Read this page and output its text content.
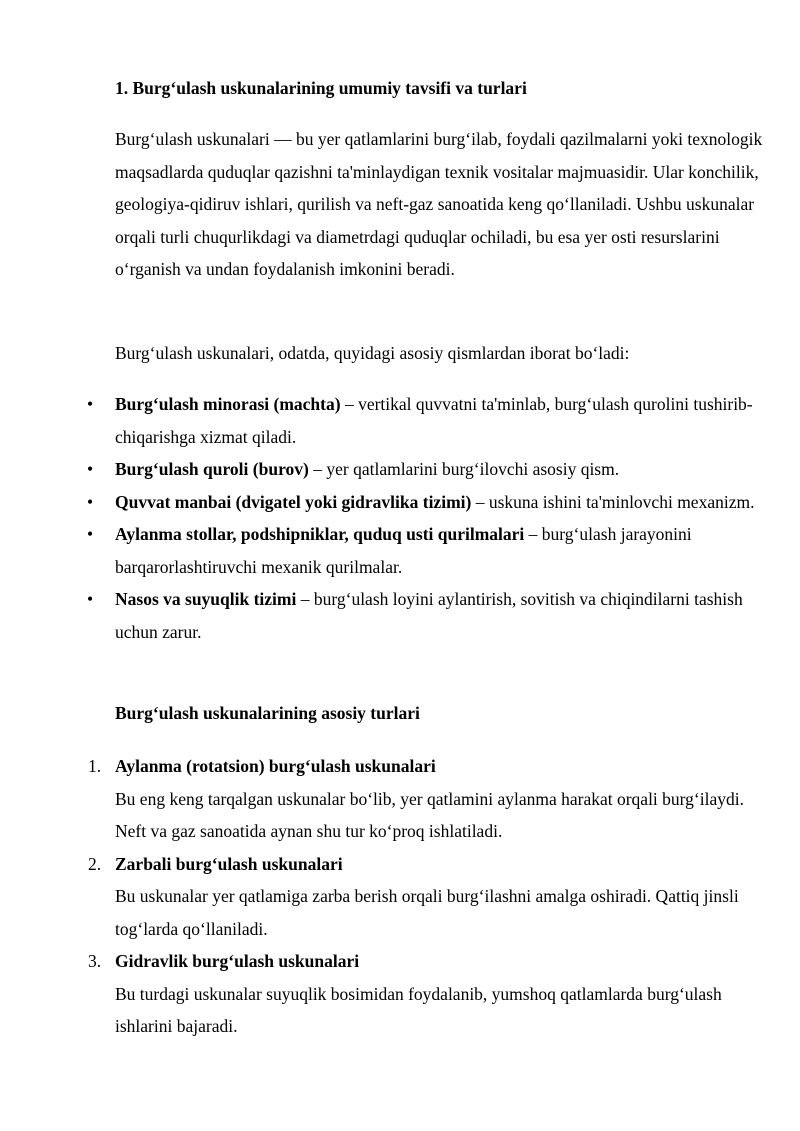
1. Burg‘ulash uskunalarining umumiy tavsifi va turlari

Burg‘ulash uskunalari — bu yer qatlamlarini burg‘ilab, foydali qazilmalarni yoki texnologik maqsadlarda quduqlar qazishni ta'minlaydigan texnik vositalar majmuasidir. Ular konchilik, geologiya-qidiruv ishlari, qurilish va neft-gaz sanoatida keng qo‘llaniladi. Ushbu uskunalar orqali turli chuqurlikdagi va diametrdagi quduqlar ochiladi, bu esa yer osti resurslarini o‘rganish va undan foydalanish imkonini beradi.

Burg‘ulash uskunalari, odatda, quyidagi asosiy qismlardan iborat bo‘ladi:

• Burg‘ulash minorasi (machta) – vertikal quvvatni ta'minlab, burg‘ulash qurolini tushirib-chiqarishga xizmat qiladi.
• Burg‘ulash quroli (burov) – yer qatlamlarini burg‘ilovchi asosiy qism.
• Quvvat manbai (dvigatel yoki gidravlika tizimi) – uskuna ishini ta'minlovchi mexanizm.
• Aylanma stollar, podshipniklar, quduq usti qurilmalari – burg‘ulash jarayonini barqarorlashtiruvchi mexanik qurilmalar.
• Nasos va suyuqlik tizimi – burg‘ulash loyini aylantirish, sovitish va chiqindilarni tashish uchun zarur.
Burg‘ulash uskunalarining asosiy turlari
1. Aylanma (rotatsion) burg‘ulash uskunalari
Bu eng keng tarqalgan uskunalar bo‘lib, yer qatlamini aylanma harakat orqali burg‘ilaydi. Neft va gaz sanoatida aynan shu tur ko‘proq ishlatiladi.
2. Zarbali burg‘ulash uskunalari
Bu uskunalar yer qatlamiga zarba berish orqali burg‘ilashni amalga oshiradi. Qattiq jinsli tog‘larda qo‘llaniladi.
3. Gidravlik burg‘ulash uskunalari
Bu turdagi uskunalar suyuqlik bosimidan foydalanib, yumshoq qatlamlarda burg‘ulash ishlarini bajaradi.
